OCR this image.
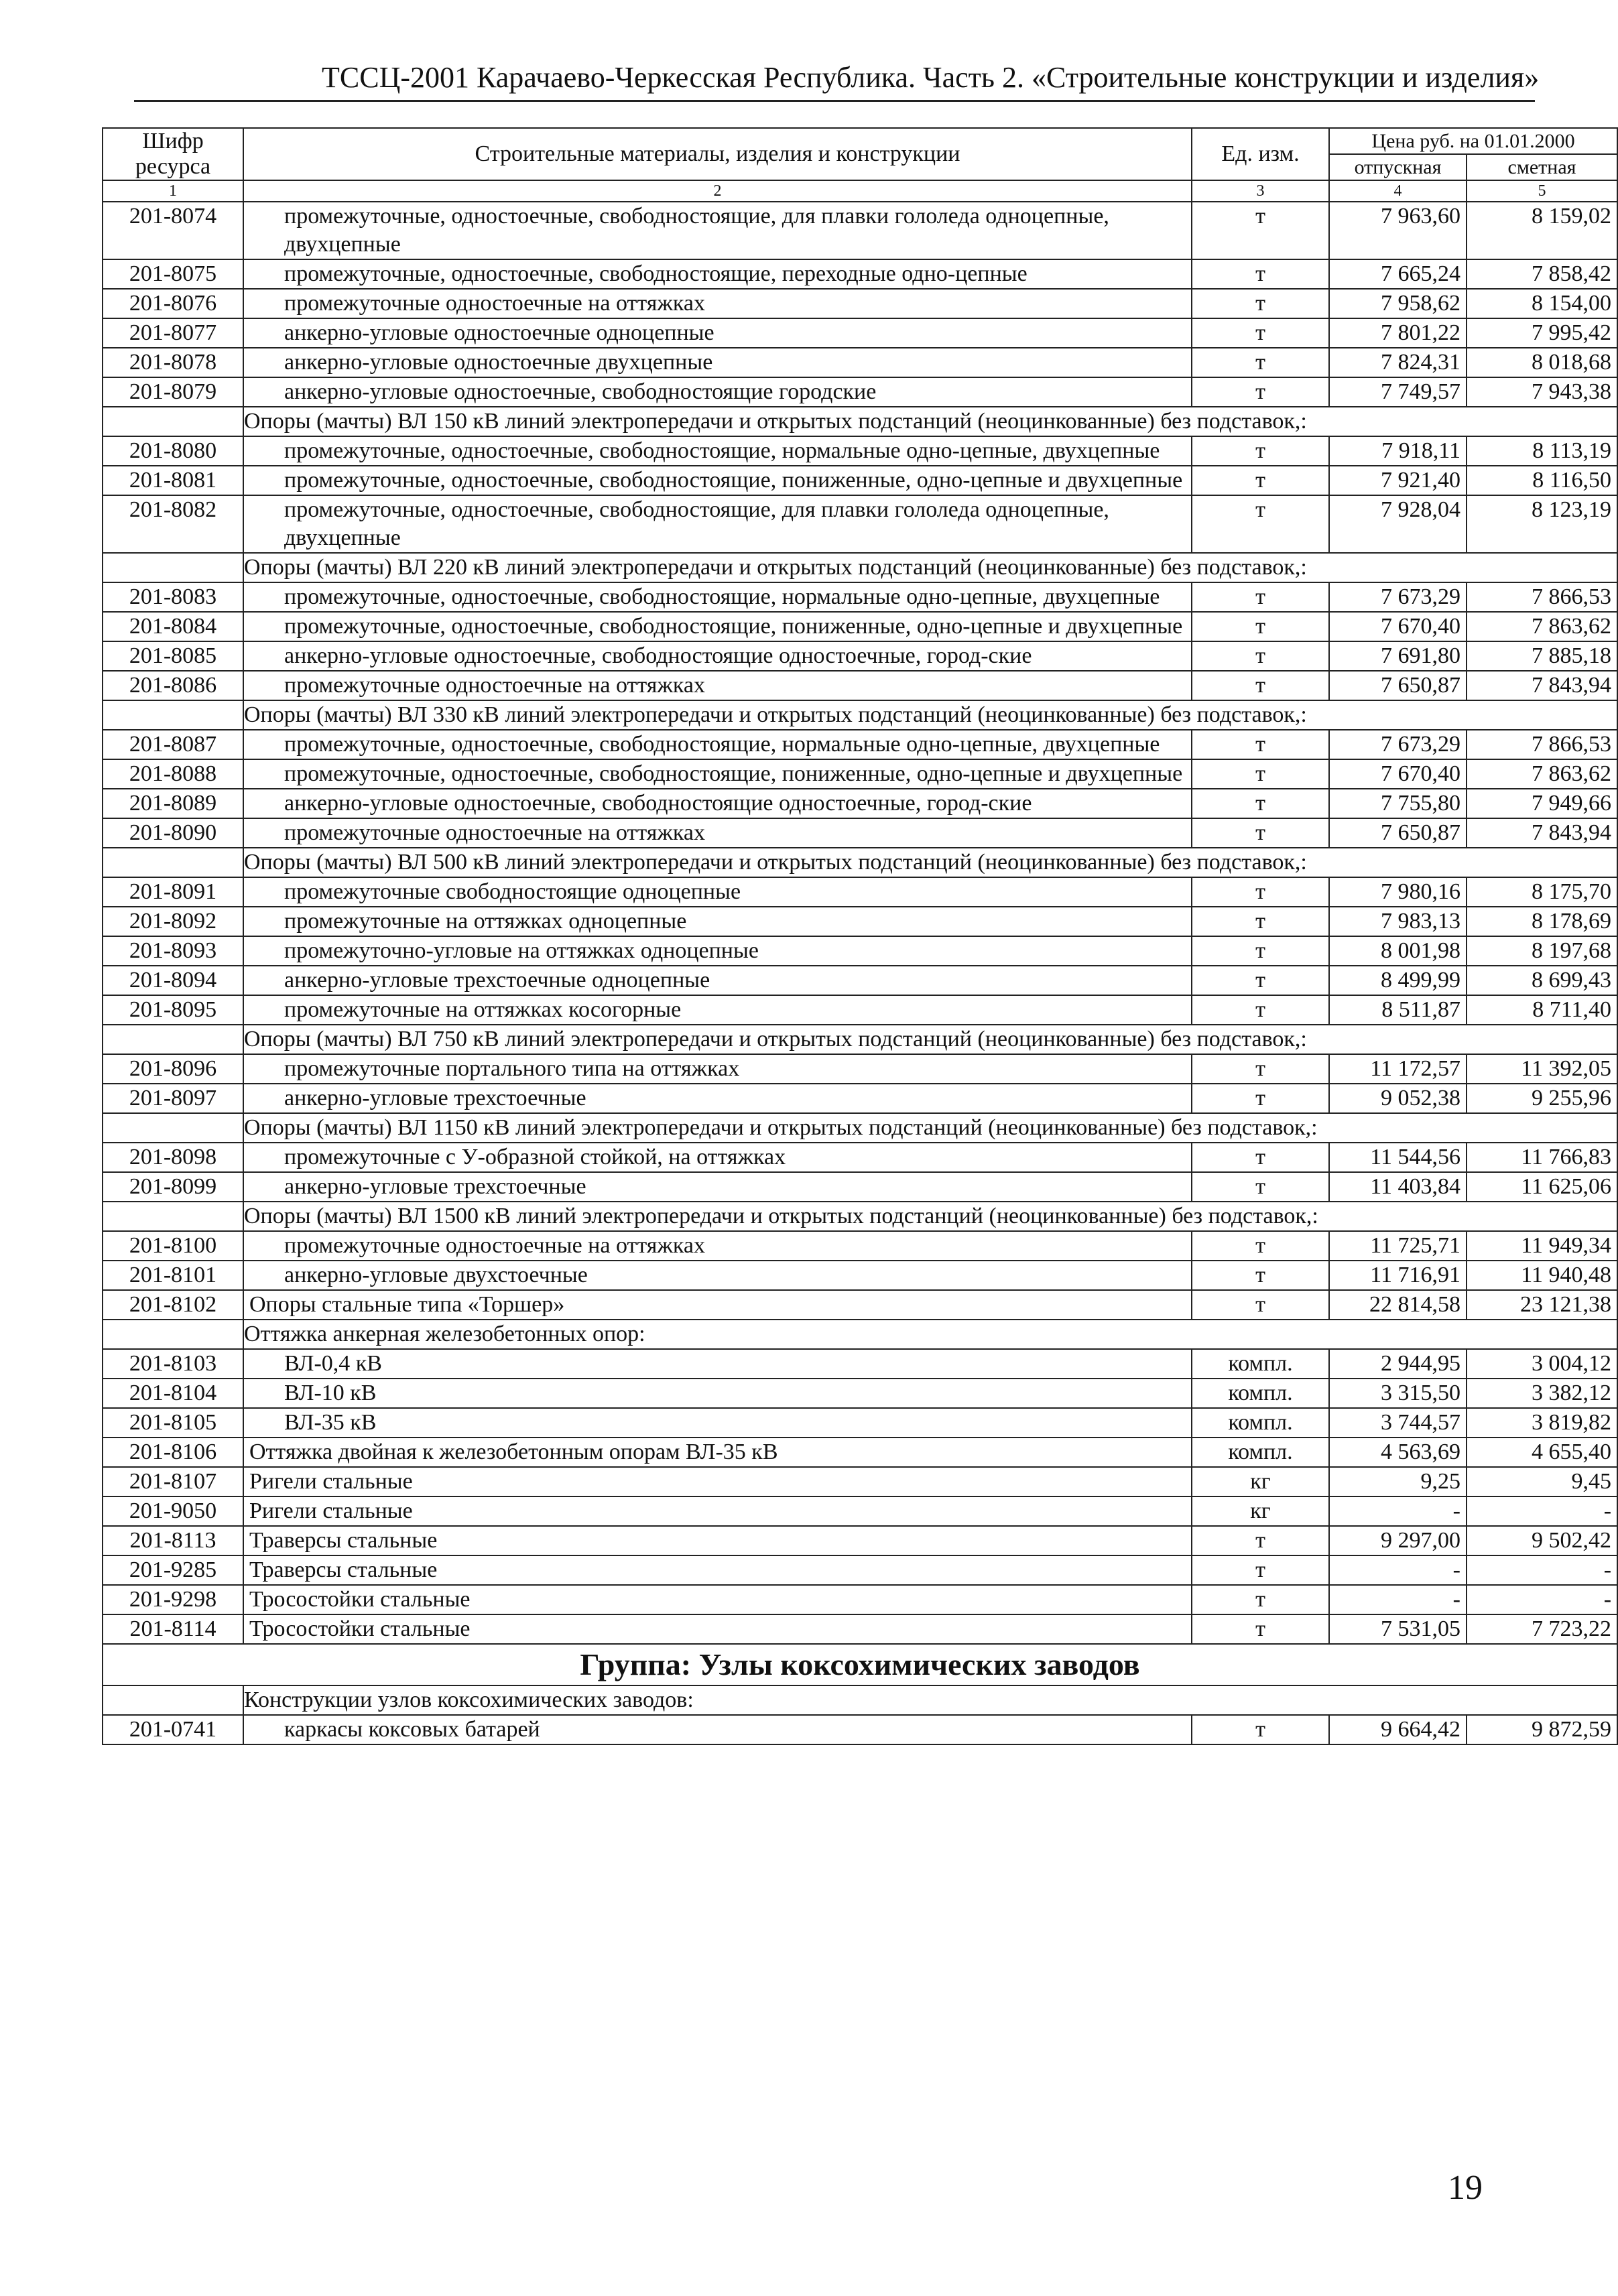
ТССЦ-2001 Карачаево-Черкесская Республика. Часть 2. «Строительные конструкции и изделия»
Шифр ресурса	Строительные материалы, изделия и конструкции	Ед. изм.	Цена руб. на 01.01.2000	
			отпускная	сметная
1	2	3	4	5
201-8074	промежуточные, одностоечные, свободностоящие, для плавки гололеда одноцепные, двухцепные	т	7 963,60	8 159,02
201-8075	промежуточные, одностоечные, свободностоящие, переходные одно-цепные	т	7 665,24	7 858,42
201-8076	промежуточные одностоечные на оттяжках	т	7 958,62	8 154,00
201-8077	анкерно-угловые одностоечные одноцепные	т	7 801,22	7 995,42
201-8078	анкерно-угловые одностоечные двухцепные	т	7 824,31	8 018,68
201-8079	анкерно-угловые одностоечные, свободностоящие городские	т	7 749,57	7 943,38
	Опоры (мачты) ВЛ 150 кВ линий электропередачи и открытых подстанций (неоцинкованные) без подставок,:			
201-8080	промежуточные, одностоечные, свободностоящие, нормальные одно-цепные, двухцепные	т	7 918,11	8 113,19
201-8081	промежуточные, одностоечные, свободностоящие, пониженные, одно-цепные и двухцепные	т	7 921,40	8 116,50
201-8082	промежуточные, одностоечные, свободностоящие, для плавки гололеда одноцепные, двухцепные	т	7 928,04	8 123,19
	Опоры (мачты) ВЛ 220 кВ линий электропередачи и открытых подстанций (неоцинкованные) без подставок,:			
201-8083	промежуточные, одностоечные, свободностоящие, нормальные одно-цепные, двухцепные	т	7 673,29	7 866,53
201-8084	промежуточные, одностоечные, свободностоящие, пониженные, одно-цепные и двухцепные	т	7 670,40	7 863,62
201-8085	анкерно-угловые одностоечные, свободностоящие одностоечные, город-ские	т	7 691,80	7 885,18
201-8086	промежуточные одностоечные на оттяжках	т	7 650,87	7 843,94
	Опоры (мачты) ВЛ 330 кВ линий электропередачи и открытых подстанций (неоцинкованные) без подставок,:			
201-8087	промежуточные, одностоечные, свободностоящие, нормальные одно-цепные, двухцепные	т	7 673,29	7 866,53
201-8088	промежуточные, одностоечные, свободностоящие, пониженные, одно-цепные и двухцепные	т	7 670,40	7 863,62
201-8089	анкерно-угловые одностоечные, свободностоящие одностоечные, город-ские	т	7 755,80	7 949,66
201-8090	промежуточные одностоечные на оттяжках	т	7 650,87	7 843,94
	Опоры (мачты) ВЛ 500 кВ линий электропередачи и открытых подстанций (неоцинкованные) без подставок,:			
201-8091	промежуточные свободностоящие одноцепные	т	7 980,16	8 175,70
201-8092	промежуточные на оттяжках одноцепные	т	7 983,13	8 178,69
201-8093	промежуточно-угловые на оттяжках одноцепные	т	8 001,98	8 197,68
201-8094	анкерно-угловые трехстоечные одноцепные	т	8 499,99	8 699,43
201-8095	промежуточные на оттяжках косогорные	т	8 511,87	8 711,40
	Опоры (мачты) ВЛ 750 кВ линий электропередачи и открытых подстанций (неоцинкованные) без подставок,:			
201-8096	промежуточные портального типа на оттяжках	т	11 172,57	11 392,05
201-8097	анкерно-угловые трехстоечные	т	9 052,38	9 255,96
	Опоры (мачты) ВЛ 1150 кВ линий электропередачи и открытых подстанций (неоцинкованные) без подставок,:			
201-8098	промежуточные с У-образной стойкой, на оттяжках	т	11 544,56	11 766,83
201-8099	анкерно-угловые трехстоечные	т	11 403,84	11 625,06
	Опоры (мачты) ВЛ 1500 кВ линий электропередачи и открытых подстанций (неоцинкованные) без подставок,:			
201-8100	промежуточные одностоечные на оттяжках	т	11 725,71	11 949,34
201-8101	анкерно-угловые двухстоечные	т	11 716,91	11 940,48
201-8102	Опоры стальные типа «Торшер»	т	22 814,58	23 121,38
	Оттяжка анкерная железобетонных опор:			
201-8103	ВЛ-0,4 кВ	компл.	2 944,95	3 004,12
201-8104	ВЛ-10 кВ	компл.	3 315,50	3 382,12
201-8105	ВЛ-35 кВ	компл.	3 744,57	3 819,82
201-8106	Оттяжка двойная к железобетонным опорам ВЛ-35 кВ	компл.	4 563,69	4 655,40
201-8107	Ригели стальные	кг	9,25	9,45
201-9050	Ригели стальные	кг	-	-
201-8113	Траверсы стальные	т	9 297,00	9 502,42
201-9285	Траверсы стальные	т	-	-
201-9298	Тросостойки стальные	т	-	-
201-8114	Тросостойки стальные	т	7 531,05	7 723,22
Группа: Узлы коксохимических заводов				
	Конструкции узлов коксохимических заводов:			
201-0741	каркасы коксовых батарей	т	9 664,42	9 872,59
19
